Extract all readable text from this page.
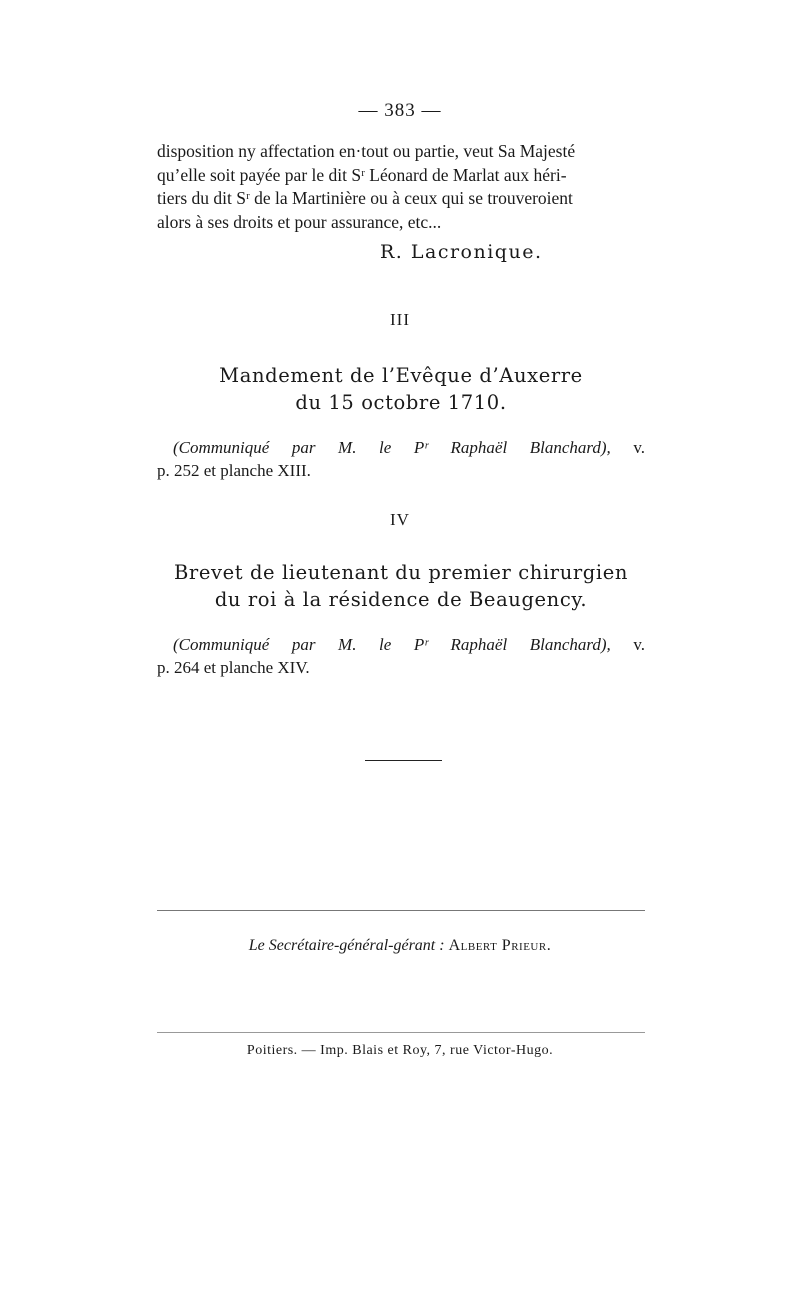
— 383 —
disposition ny affectation en·tout ou partie, veut Sa Majesté
qu’elle soit payée par le dit Sʳ Léonard de Marlat aux héri-
tiers du dit Sʳ de la Martinière ou à ceux qui se trouveroient
alors à ses droits et pour assurance, etc...
R. Lacronique.
III
Mandement de l’Evêque d’Auxerre
du 15 octobre 1710.
(Communiqué par M. le Pʳ Raphaël Blanchard), v.
p. 252 et planche XIII.
IV
Brevet de lieutenant du premier chirurgien
du roi à la résidence de Beaugency.
(Communiqué par M. le Pʳ Raphaël Blanchard), v.
p. 264 et planche XIV.
Le Secrétaire-général-gérant : Albert Prieur.
Poitiers. — Imp. Blais et Roy, 7, rue Victor-Hugo.
